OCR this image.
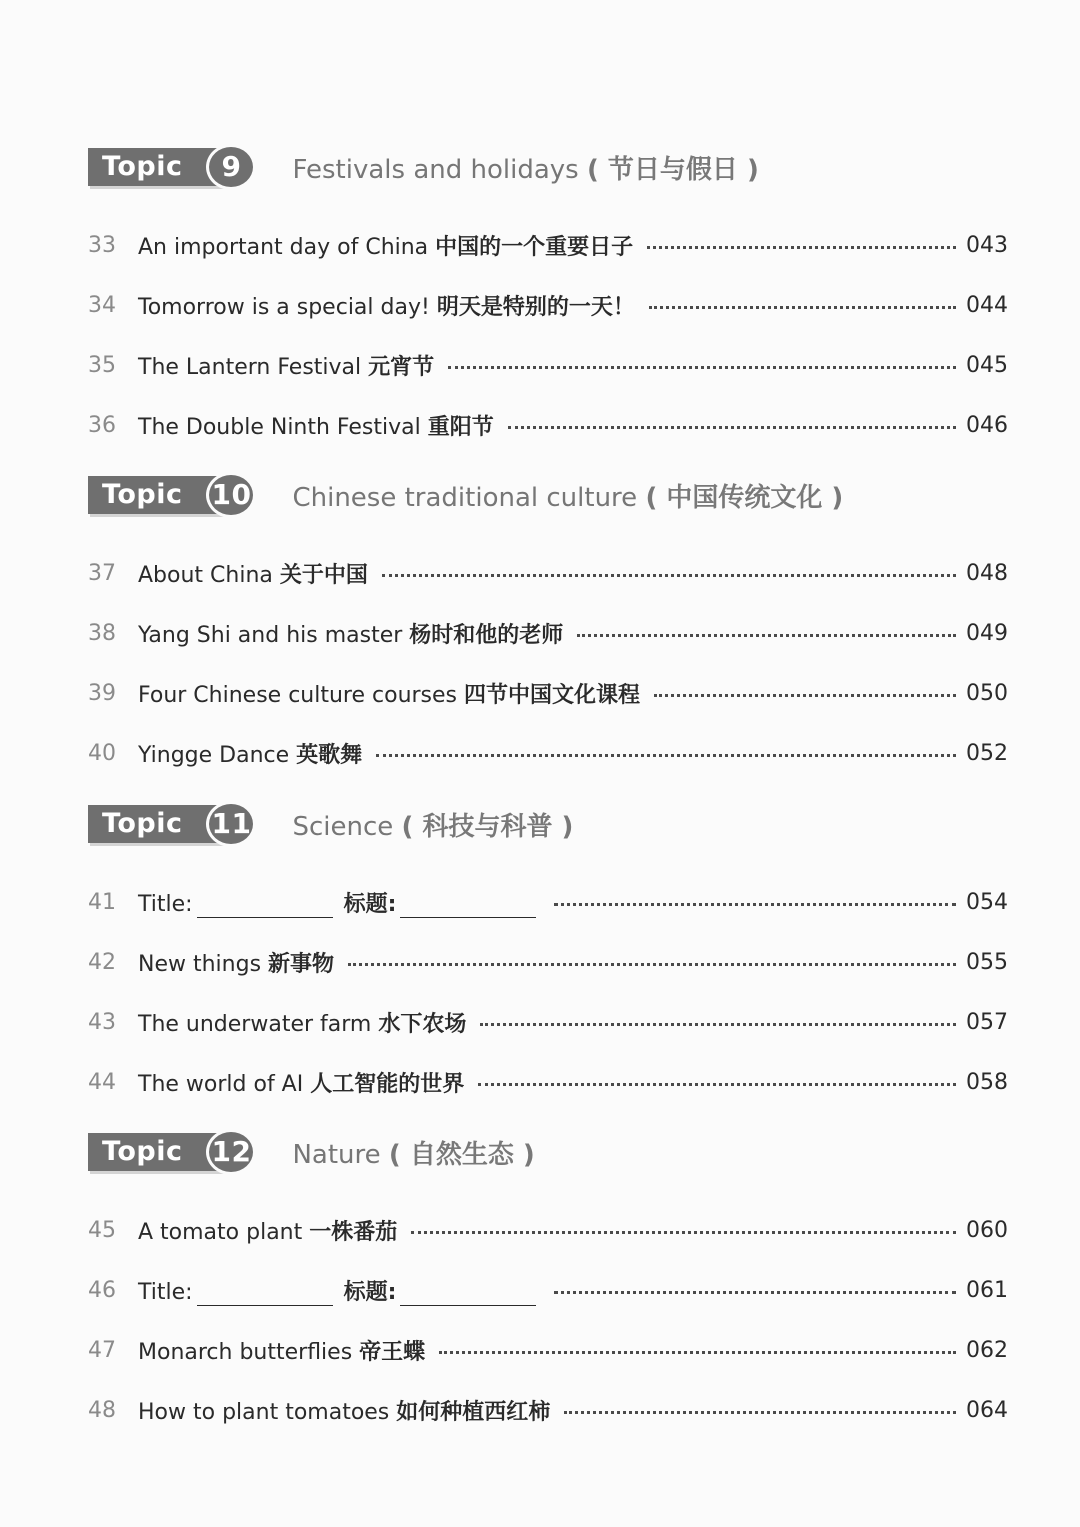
Topic	9	Festivals and holidays ( 节日与假日 )
33	An important day of China 中国的一个重要日子	043
34	Tomorrow is a special day! 明天是特别的一天！	044
35	The Lantern Festival 元宵节	045
36	The Double Ninth Festival 重阳节	046
Topic 10 Chinese traditional culture ( 中国传统文化 )
37	About China 关于中国	048
38	Yang Shi and his master 杨时和他的老师	049
39	Four Chinese culture courses 四节中国文化课程	050
40	Yingge Dance 英歌舞	052
Topic 11 Science ( 科技与科普 )
41	Title:	标题:	054
42	New things 新事物	055
43	The underwater farm 水下农场	057
44	The world of AI 人工智能的世界	058
Topic 12 Nature ( 自然生态 )
45	A tomato plant 一株番茄	060
46	Title:	标题:	061
47	Monarch butterflies 帝王蝶	062
48	How to plant tomatoes 如何种植西红柿	064
